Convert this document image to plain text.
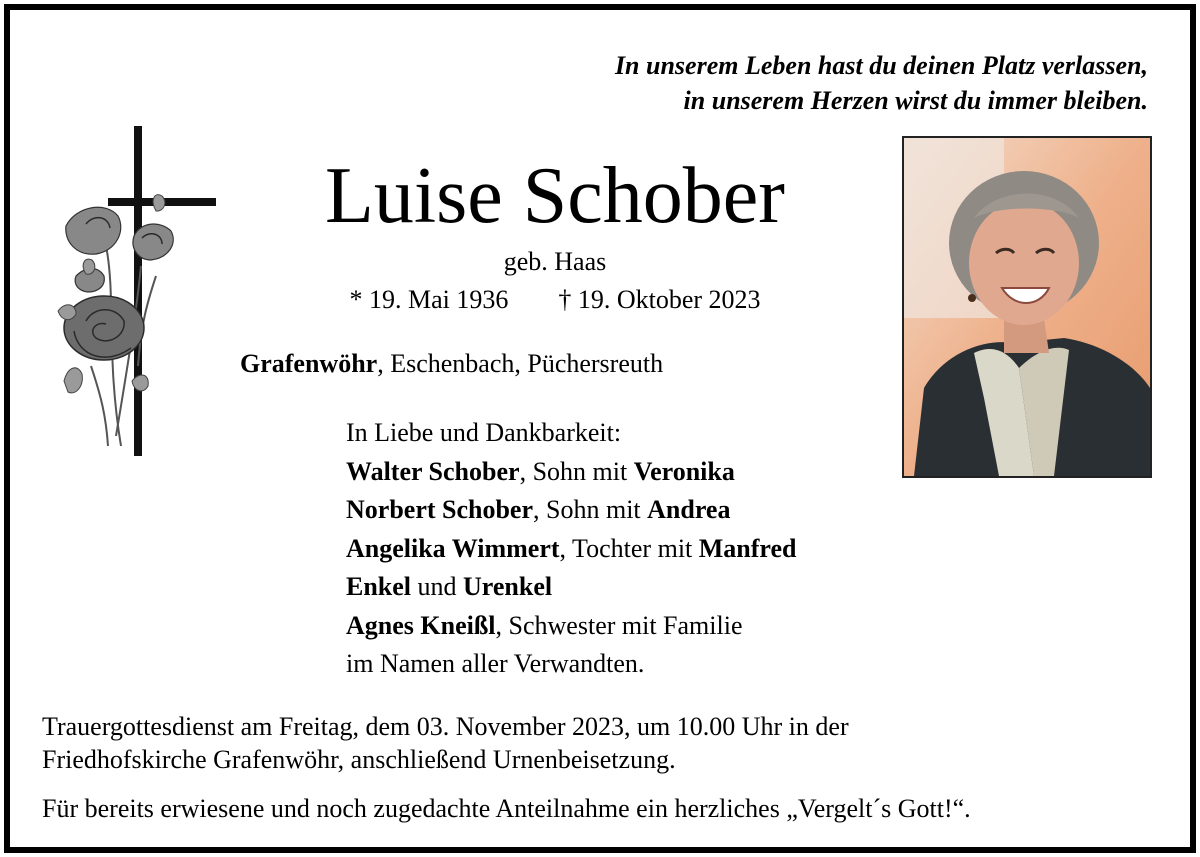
In unserem Leben hast du deinen Platz verlassen,
in unserem Herzen wirst du immer bleiben.
Luise Schober
geb. Haas
* 19. Mai 1936 † 19. Oktober 2023
Grafenwöhr, Eschenbach, Püchersreuth
In Liebe und Dankbarkeit:
Walter Schober, Sohn mit Veronika
Norbert Schober, Sohn mit Andrea
Angelika Wimmert, Tochter mit Manfred
Enkel und Urenkel
Agnes Kneißl, Schwester mit Familie
im Namen aller Verwandten.
Trauergottesdienst am Freitag, dem 03. November 2023, um 10.00 Uhr in der
Friedhofskirche Grafenwöhr, anschließend Urnenbeisetzung.
Für bereits erwiesene und noch zugedachte Anteilnahme ein herzliches „Vergelt´s Gott!“.
